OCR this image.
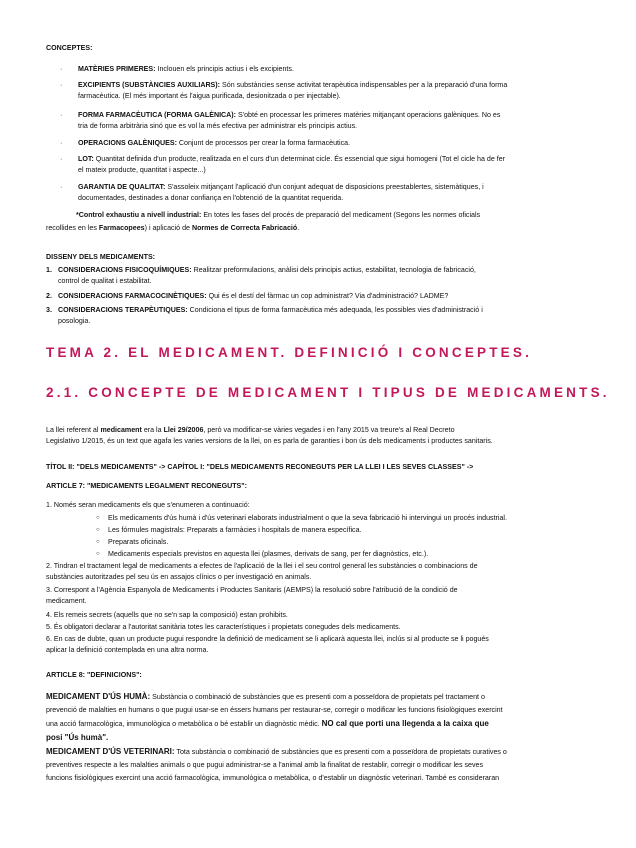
CONCEPTES:
· MATÈRIES PRIMERES: Inclouen els principis actius i els excipients.
· EXCIPIENTS (SUBSTÀNCIES AUXILIARS): Són substàncies sense activitat terapèutica indispensables per a la preparació d'una forma
farmacèutica. (El més important és l'aigua purificada, desionitzada o per injectable).
· FORMA FARMACÈUTICA (FORMA GALÈNICA): S'obté en processar les primeres matèries mitjançant operacions galèniques. No es
tria de forma arbitrària sinó que es vol la més efectiva per administrar els principis actius.
· OPERACIONS GALÈNIQUES: Conjunt de processos per crear la forma farmacèutica.
· LOT: Quantitat definida d'un producte, realitzada en el curs d'un determinat cicle. És essencial que sigui homogeni (Tot el cicle ha de fer
el mateix producte, quantitat i aspecte...)
· GARANTIA DE QUALITAT: S'assoleix mitjançant l'aplicació d'un conjunt adequat de disposicions preestablertes, sistemàtiques, i
documentades, destinades a donar confiança en l'obtenció de la quantitat requerida.
*Control exhaustiu a nivell industrial: En totes les fases del procés de preparació del medicament (Segons les normes oficials
recollides en les Farmacopees) i aplicació de Normes de Correcta Fabricació.
DISSENY DELS MEDICAMENTS:
1. CONSIDERACIONS FISICOQUÍMIQUES: Realitzar preformulacions, anàlisi dels principis actius, estabilitat, tecnologia de fabricació,
control de qualitat i estabilitat.
2. CONSIDERACIONS FARMACOCINÈTIQUES: Qui és el destí del fàrmac un cop administrat? Via d'administració? LADME?
3. CONSIDERACIONS TERAPÈUTIQUES: Condiciona el tipus de forma farmacèutica més adequada, les possibles vies d'administració i
posologia.
TEMA 2. EL MEDICAMENT. DEFINICIÓ I CONCEPTES.
2.1. CONCEPTE DE MEDICAMENT I TIPUS DE MEDICAMENTS.
La llei referent al medicament era la Llei 29/2006, però va modificar-se vàries vegades i en l'any 2015 va treure's al Real Decreto
Legislativo 1/2015, és un text que agafa les varies versions de la llei, on es parla de garanties i bon ús dels medicaments i productes sanitaris.
TÍTOL II: "DELS MEDICAMENTS" -> CAPÍTOL I: "DELS MEDICAMENTS RECONEGUTS PER LA LLEI I LES SEVES CLASSES" ->
ARTICLE 7: "MEDICAMENTS LEGALMENT RECONEGUTS":
1. Només seran medicaments els que s'enumeren a continuació:
○ Els medicaments d'ús humà i d'ús veterinari elaborats industrialment o que la seva fabricació hi intervingui un procés industrial.
○ Les fórmules magistrals: Preparats a farmàcies i hospitals de manera específica.
○ Preparats oficinals.
○ Medicaments especials previstos en aquesta llei (plasmes, derivats de sang, per fer diagnòstics, etc.).
2. Tindran el tractament legal de medicaments a efectes de l'aplicació de la llei i el seu control general les substàncies o combinacions de
substàncies autoritzades pel seu ús en assajos clínics o per investigació en animals.
3. Correspont a l'Agència Espanyola de Medicaments i Productes Sanitaris (AEMPS) la resolució sobre l'atribució de la condició de
medicament.
4. Els remeis secrets (aquells que no se'n sap la composició) estan prohibits.
5. És obligatori declarar a l'autoritat sanitària totes les característiques i propietats conegudes dels medicaments.
6. En cas de dubte, quan un producte pugui respondre la definició de medicament se li aplicarà aquesta llei, inclús si al producte se li pogués
aplicar la definició contemplada en una altra norma.
ARTICLE 8: "DEFINICIONS":
MEDICAMENT D'ÚS HUMÀ: Substància o combinació de substàncies que es presenti com a posseïdora de propietats pel tractament o
prevenció de malalties en humans o que pugui usar-se en éssers humans per restaurar-se, corregir o modificar les funcions fisiològiques exercint
una acció farmacològica, immunològica o metabòlica o bé establir un diagnòstic mèdic. NO cal que porti una llegenda a la caixa que
posi "Ús humà".
MEDICAMENT D'ÚS VETERINARI: Tota substància o combinació de substàncies que es presenti com a posseïdora de propietats curatives o
preventives respecte a les malalties animals o que pugui administrar-se a l'animal amb la finalitat de restablir, corregir o modificar les seves
funcions fisiològiques exercint una acció farmacològica, immunològica o metabòlica, o d'establir un diagnòstic veterinari. També es consideraran
